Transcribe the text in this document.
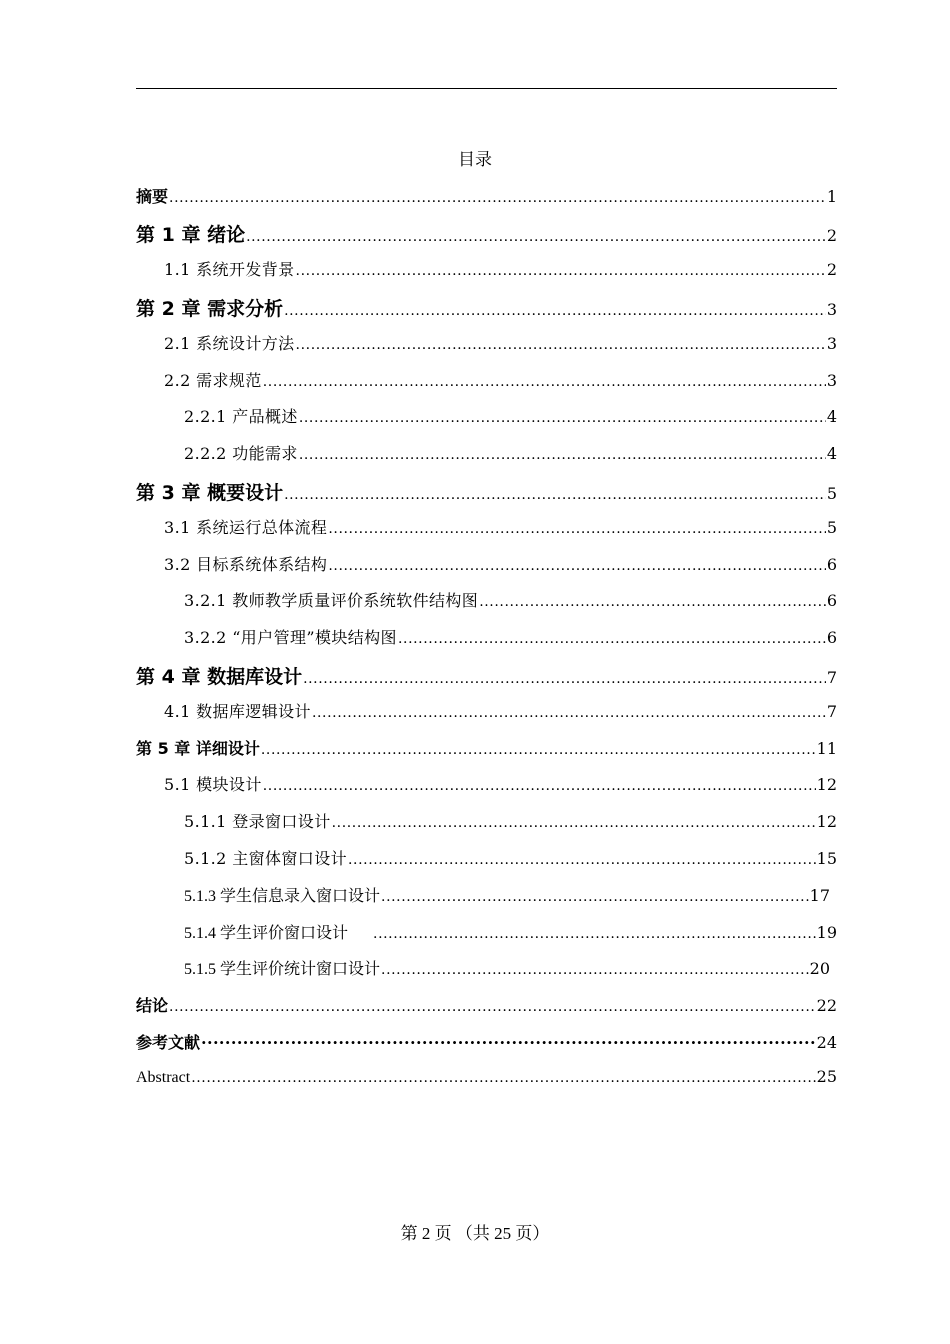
目录
摘要 .....	1
第 1 章 绪论 .....	2
1.1 系统开发背景 .....	2
第 2 章 需求分析 .....	3
2.1 系统设计方法 .....	3
2.2 需求规范 .....	3
2.2.1 产品概述 .....	4
2.2.2 功能需求 .....	4
第 3 章 概要设计 .....	5
3.1 系统运行总体流程 .....	5
3.2 目标系统体系结构 .....	6
3.2.1 教师教学质量评价系统软件结构图 .....	6
3.2.2 “用户管理”模块结构图 .....	6
第 4 章 数据库设计 .....	7
4.1 数据库逻辑设计 .....	7
第 5 章 详细设计 .....	11
5.1 模块设计 .....	12
5.1.1 登录窗口设计 .....	12
5.1.2 主窗体窗口设计 .....	15
5.1.3 学生信息录入窗口设计 .....	17
5.1.4 学生评价窗口设计 .....	19
5.1.5 学生评价统计窗口设计 .....	20
结论 .....	22
参考文献 ·····	24
Abstract .....	25
第 2 页 （共 25 页）
